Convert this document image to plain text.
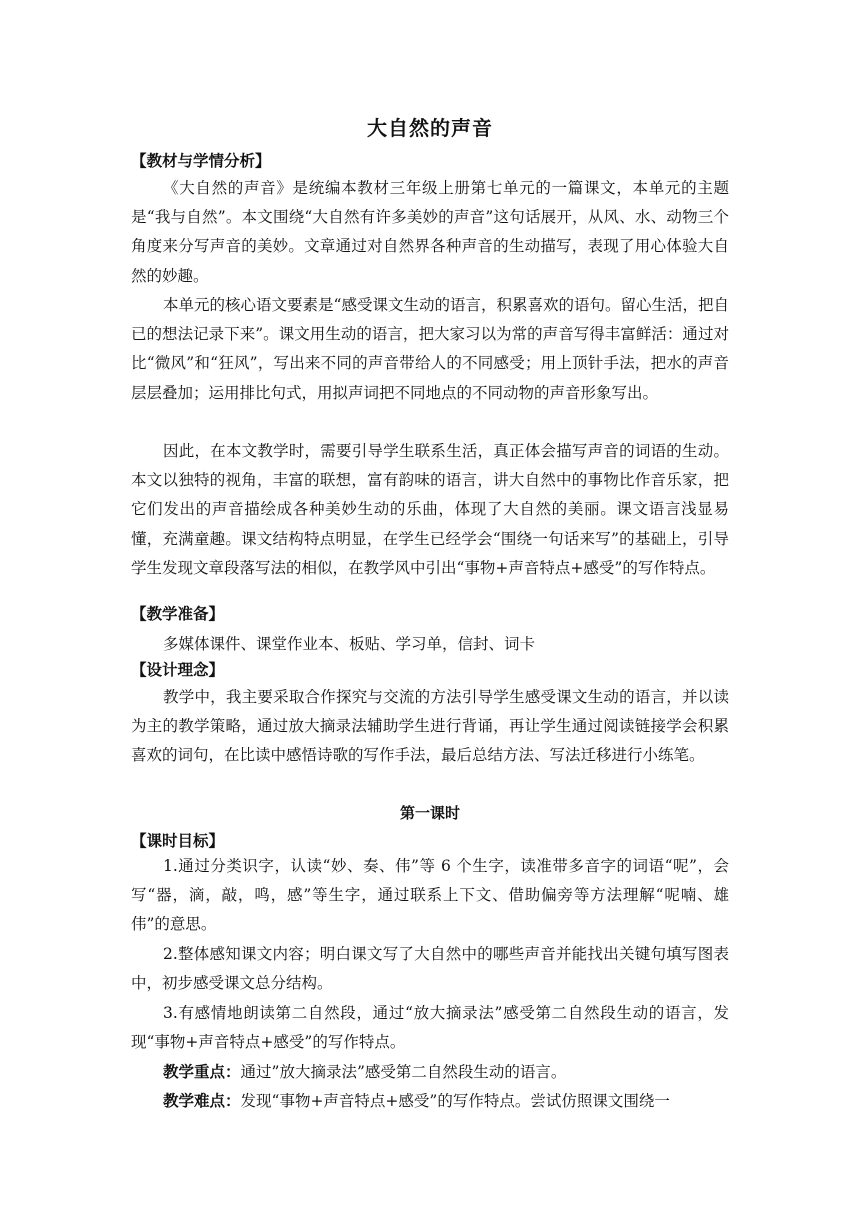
大自然的声音
【教材与学情分析】

《大自然的声音》是统编本教材三年级上册第七单元的一篇课文，本单元的主题是“我与自然”。本文围绕“大自然有许多美妙的声音”这句话展开，从风、水、动物三个角度来分写声音的美妙。文章通过对自然界各种声音的生动描写，表现了用心体验大自然的妙趣。

本单元的核心语文要素是“感受课文生动的语言，积累喜欢的语句。留心生活，把自已的想法记录下来”。课文用生动的语言，把大家习以为常的声音写得丰富鲜活：通过对比“微风”和“狂风”，写出来不同的声音带给人的不同感受；用上顶针手法，把水的声音层层叠加；运用排比句式，用拟声词把不同地点的不同动物的声音形象写出。

因此，在本文教学时，需要引导学生联系生活，真正体会描写声音的词语的生动。本文以独特的视角，丰富的联想，富有韵味的语言，讲大自然中的事物比作音乐家，把它们发出的声音描绘成各种美妙生动的乐曲，体现了大自然的美丽。课文语言浅显易懂，充满童趣。课文结构特点明显，在学生已经学会“围绕一句话来写”的基础上，引导学生发现文章段落写法的相似，在教学风中引出“事物+声音特点+感受”的写作特点。

【教学准备】

多媒体课件、课堂作业本、板贴、学习单，信封、词卡

【设计理念】

教学中，我主要采取合作探究与交流的方法引导学生感受课文生动的语言，并以读为主的教学策略，通过放大摘录法辅助学生进行背诵，再让学生通过阅读链接学会积累喜欢的词句，在比读中感悟诗歌的写作手法，最后总结方法、写法迁移进行小练笔。

第一课时
【课时目标】

1.通过分类识字，认读“妙、奏、伟”等 6 个生字，读准带多音字的词语“呢”，会写“器，滴，敲，鸣，感”等生字，通过联系上下文、借助偏旁等方法理解“呢喃、雄伟”的意思。

2.整体感知课文内容；明白课文写了大自然中的哪些声音并能找出关键句填写图表中，初步感受课文总分结构。

3.有感情地朗读第二自然段，通过“放大摘录法”感受第二自然段生动的语言，发现“事物+声音特点+感受”的写作特点。

教学重点：通过”放大摘录法”感受第二自然段生动的语言。

教学难点：发现“事物+声音特点+感受”的写作特点。尝试仿照课文围绕一
